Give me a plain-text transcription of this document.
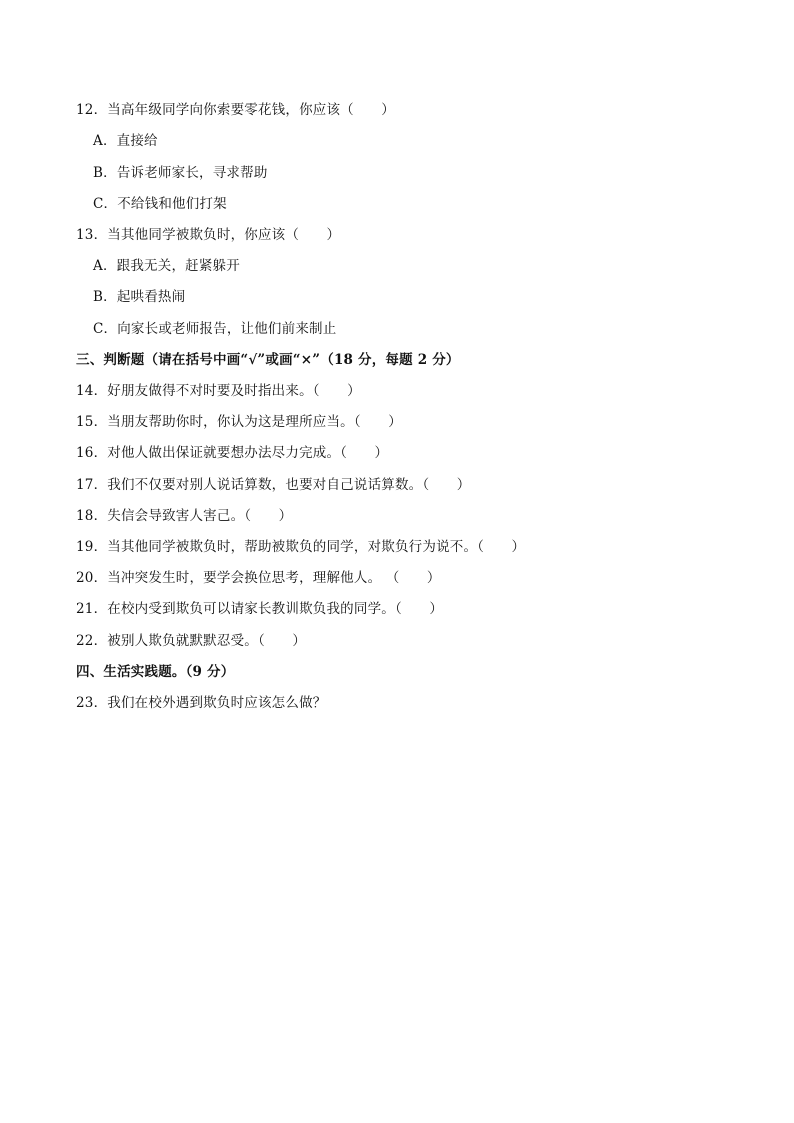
12．当高年级同学向你索要零花钱，你应该（　　）
A．直接给
B．告诉老师家长，寻求帮助
C．不给钱和他们打架
13．当其他同学被欺负时，你应该（　　）
A．跟我无关，赶紧躲开
B．起哄看热闹
C．向家长或老师报告，让他们前来制止
三、判断题（请在括号中画“√”或画“×”（18 分，每题 2 分）
14．好朋友做得不对时要及时指出来。（　　）
15．当朋友帮助你时，你认为这是理所应当。（　　）
16．对他人做出保证就要想办法尽力完成。（　　）
17．我们不仅要对别人说话算数，也要对自己说话算数。（　　）
18．失信会导致害人害己。（　　）
19．当其他同学被欺负时，帮助被欺负的同学，对欺负行为说不。（　　）
20．当冲突发生时，要学会换位思考，理解他人。 （　　）
21．在校内受到欺负可以请家长教训欺负我的同学。（　　）
22．被别人欺负就默默忍受。（　　）
四、生活实践题。（9 分）
23．我们在校外遇到欺负时应该怎么做？
